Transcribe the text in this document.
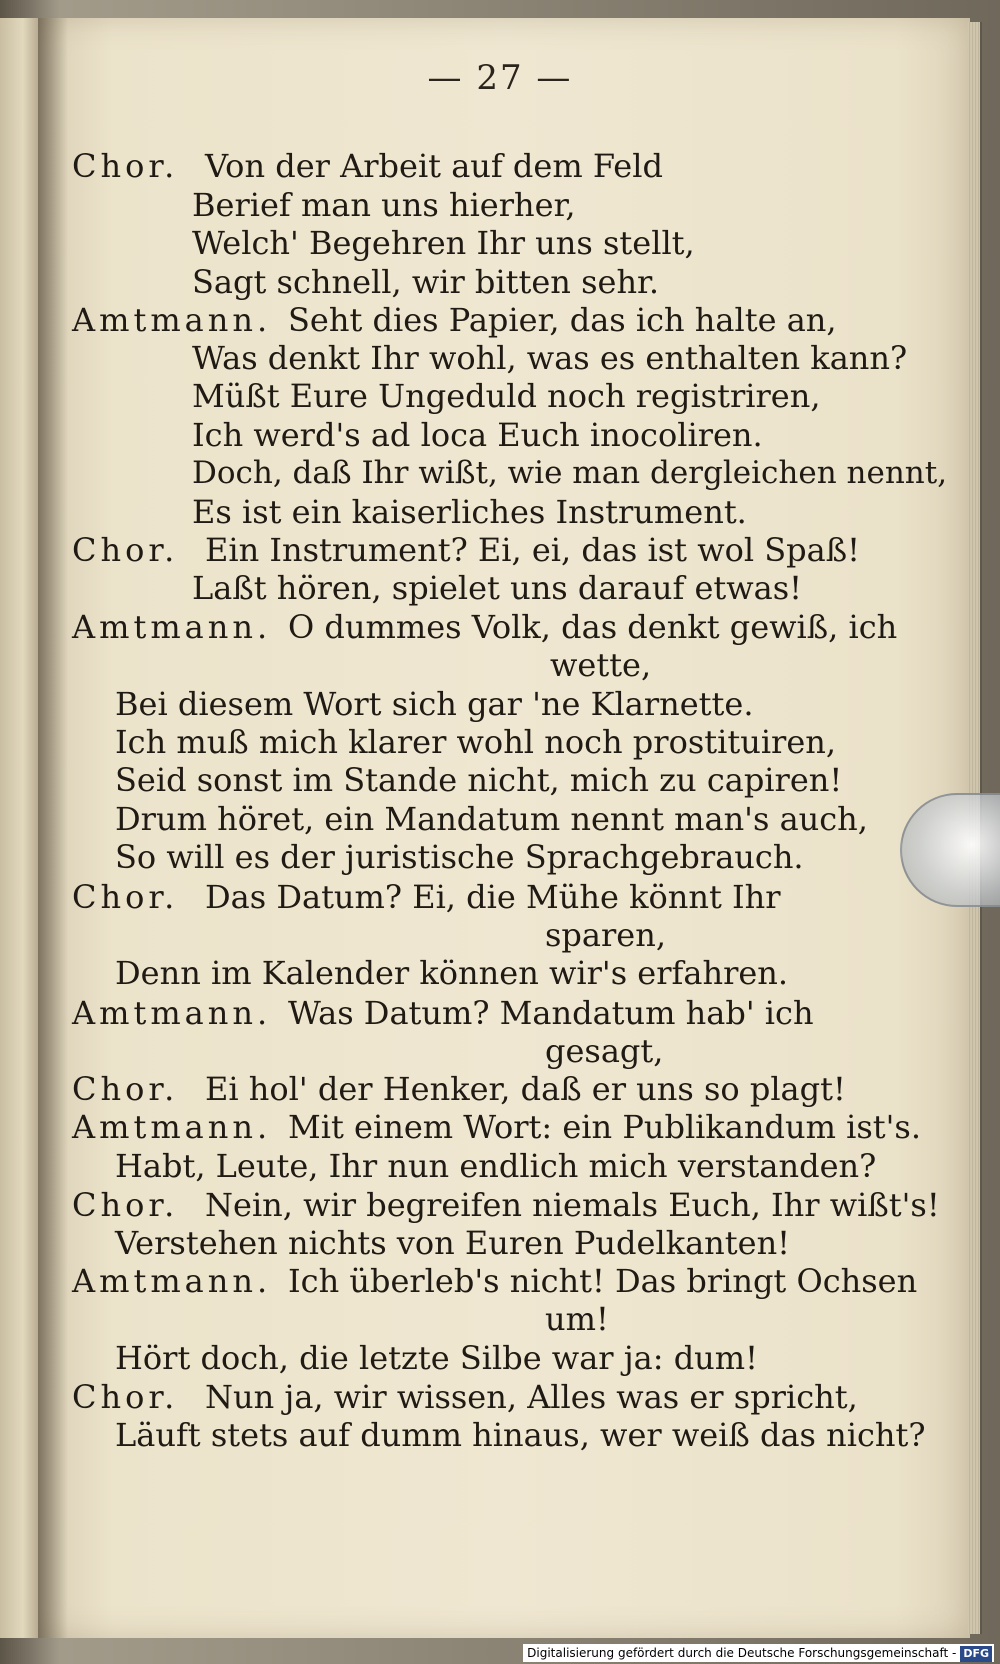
— 27 —
Chor.
Amtmann.
Chor.
Amtmann.
Chor.
Amtmann.
Chor.
Amtmann.
Chor.
Amtmann.
Chor.
Von der Arbeit auf dem Feld
Berief man uns hierher,
Welch' Begehren Ihr uns stellt,
Sagt schnell, wir bitten sehr.
Seht dies Papier, das ich halte an,
Was denkt Ihr wohl, was es enthalten kann?
Müßt Eure Ungeduld noch registriren,
Ich werd's ad loca Euch inocoliren.
Doch, daß Ihr wißt, wie man dergleichen nennt,
Es ist ein kaiserliches Instrument.
Ein Instrument? Ei, ei, das ist wol Spaß!
Laßt hören, spielet uns darauf etwas!
O dummes Volk, das denkt gewiß, ich
wette,
Bei diesem Wort sich gar 'ne Klarnette.
Ich muß mich klarer wohl noch prostituiren,
Seid sonst im Stande nicht, mich zu capiren!
Drum höret, ein Mandatum nennt man's auch,
So will es der juristische Sprachgebrauch.
Das Datum? Ei, die Mühe könnt Ihr
sparen,
Denn im Kalender können wir's erfahren.
Was Datum? Mandatum hab' ich
gesagt,
Ei hol' der Henker, daß er uns so plagt!
Mit einem Wort: ein Publikandum ist's.
Habt, Leute, Ihr nun endlich mich verstanden?
Nein, wir begreifen niemals Euch, Ihr wißt's!
Verstehen nichts von Euren Pudelkanten!
Ich überleb's nicht! Das bringt Ochsen
um!
Hört doch, die letzte Silbe war ja: dum!
Nun ja, wir wissen, Alles was er spricht,
Läuft stets auf dumm hinaus, wer weiß das nicht?
Digitalisierung gefördert durch die Deutsche Forschungsgemeinschaft - DFG
